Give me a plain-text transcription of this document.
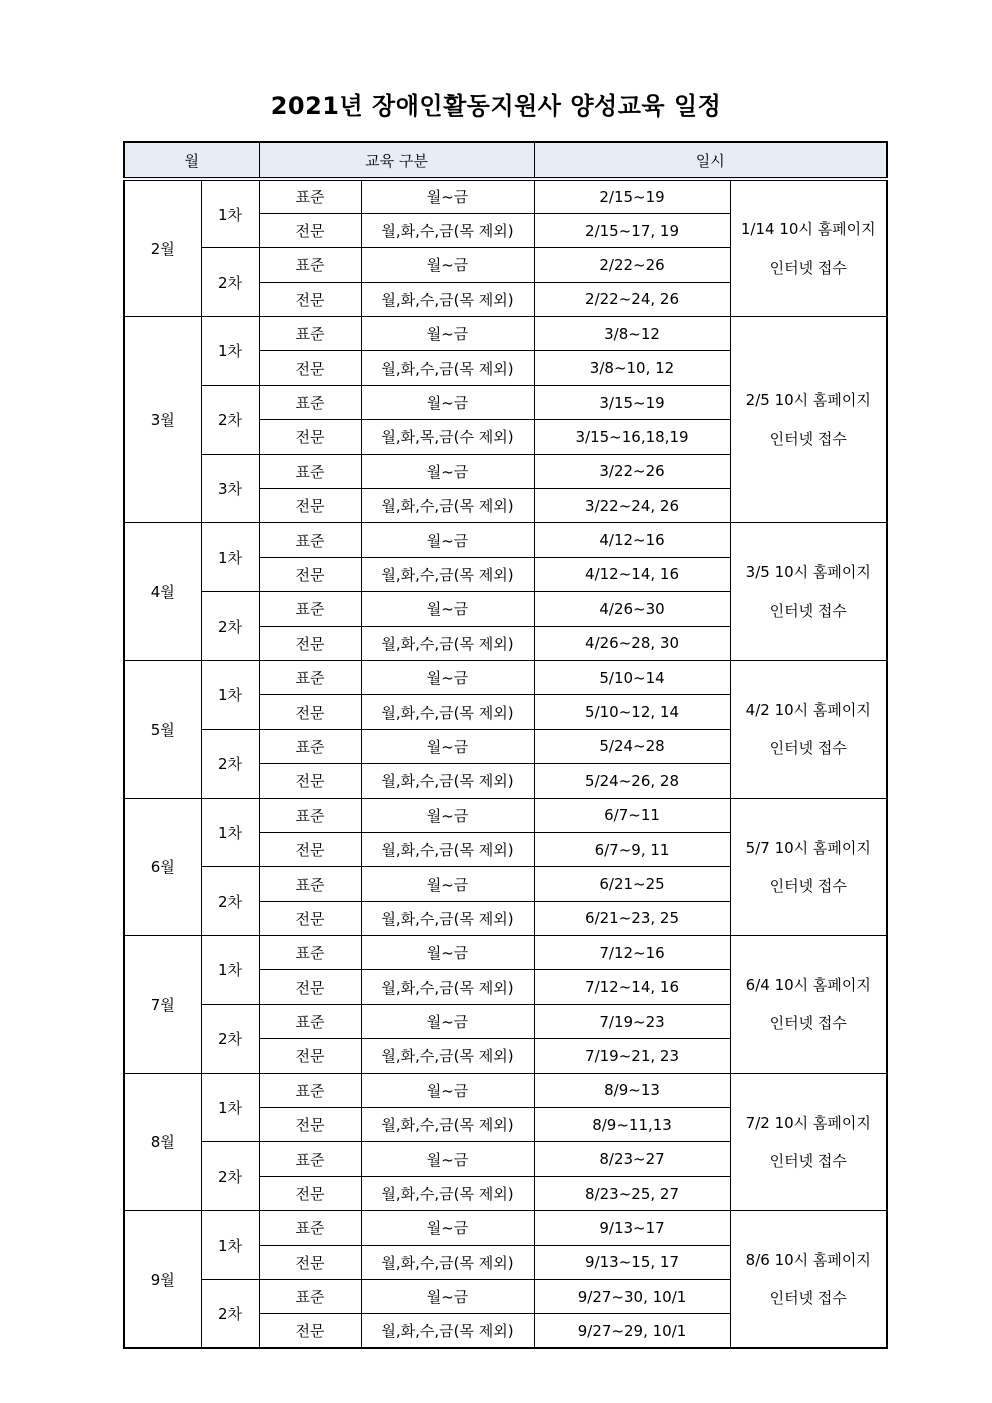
2021년 장애인활동지원사 양성교육 일정
월		교육 구분		일시	
2월	1차	표준	월~금	2/15~19	1/14 10시 홈페이지
인터넷 접수

		전문	월,화,수,금(목 제외)	2/15~17, 19	
	2차	표준	월~금	2/22~26	
		전문	월,화,수,금(목 제외)	2/22~24, 26	
3월	1차	표준	월~금	3/8~12	2/5 10시 홈페이지
인터넷 접수

		전문	월,화,수,금(목 제외)	3/8~10, 12	
	2차	표준	월~금	3/15~19	
		전문	월,화,목,금(수 제외)	3/15~16,18,19	
	3차	표준	월~금	3/22~26	
		전문	월,화,수,금(목 제외)	3/22~24, 26	
4월	1차	표준	월~금	4/12~16	3/5 10시 홈페이지
인터넷 접수

		전문	월,화,수,금(목 제외)	4/12~14, 16	
	2차	표준	월~금	4/26~30	
		전문	월,화,수,금(목 제외)	4/26~28, 30	
5월	1차	표준	월~금	5/10~14	4/2 10시 홈페이지
인터넷 접수

		전문	월,화,수,금(목 제외)	5/10~12, 14	
	2차	표준	월~금	5/24~28	
		전문	월,화,수,금(목 제외)	5/24~26, 28	
6월	1차	표준	월~금	6/7~11	5/7 10시 홈페이지
인터넷 접수

		전문	월,화,수,금(목 제외)	6/7~9, 11	
	2차	표준	월~금	6/21~25	
		전문	월,화,수,금(목 제외)	6/21~23, 25	
7월	1차	표준	월~금	7/12~16	6/4 10시 홈페이지
인터넷 접수

		전문	월,화,수,금(목 제외)	7/12~14, 16	
	2차	표준	월~금	7/19~23	
		전문	월,화,수,금(목 제외)	7/19~21, 23	
8월	1차	표준	월~금	8/9~13	7/2 10시 홈페이지
인터넷 접수

		전문	월,화,수,금(목 제외)	8/9~11,13	
	2차	표준	월~금	8/23~27	
		전문	월,화,수,금(목 제외)	8/23~25, 27	
9월	1차	표준	월~금	9/13~17	8/6 10시 홈페이지
인터넷 접수

		전문	월,화,수,금(목 제외)	9/13~15, 17	
	2차	표준	월~금	9/27~30, 10/1	
		전문	월,화,수,금(목 제외)	9/27~29, 10/1	
